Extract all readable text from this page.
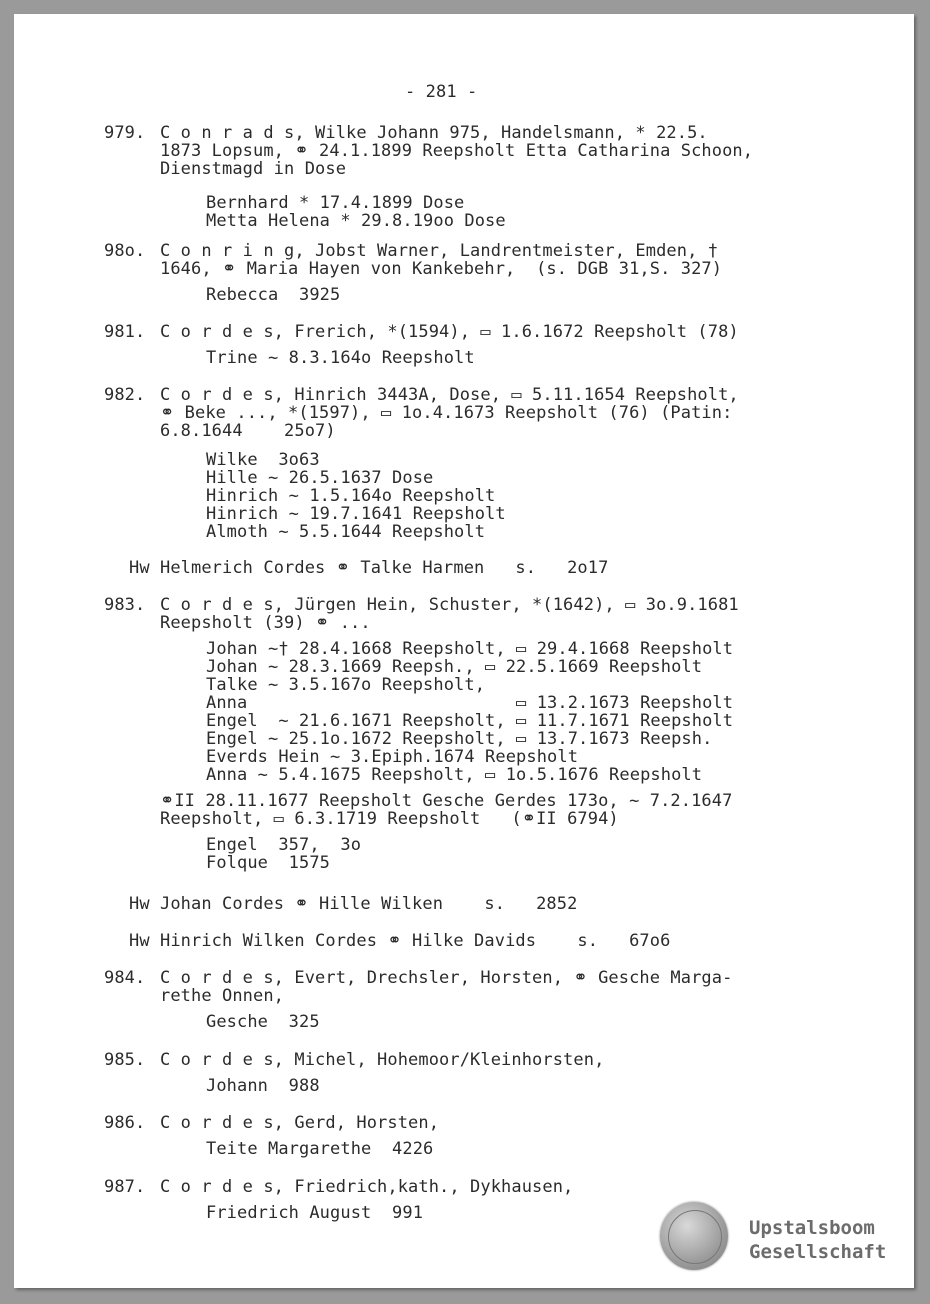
- 281 -
979. C o n r a d s, Wilke Johann 975, Handelsmann, * 22.5.
1873 Lopsum, ⚭ 24.1.1899 Reepsholt Etta Catharina Schoon,
Dienstmagd in Dose
Bernhard * 17.4.1899 Dose
Metta Helena * 29.8.19oo Dose
98o. C o n r i n g, Jobst Warner, Landrentmeister, Emden, †
1646, ⚭ Maria Hayen von Kankebehr,  (s. DGB 31,S. 327)
Rebecca  3925
981. C o r d e s, Frerich, *(1594), ▭ 1.6.1672 Reepsholt (78)
Trine ~ 8.3.164o Reepsholt
982. C o r d e s, Hinrich 3443A, Dose, ▭ 5.11.1654 Reepsholt,
⚭ Beke ..., *(1597), ▭ 1o.4.1673 Reepsholt (76) (Patin:
6.8.1644    25o7)
Wilke  3o63
Hille ~ 26.5.1637 Dose
Hinrich ~ 1.5.164o Reepsholt
Hinrich ~ 19.7.1641 Reepsholt
Almoth ~ 5.5.1644 Reepsholt
Hw Helmerich Cordes ⚭ Talke Harmen   s.   2o17
983. C o r d e s, Jürgen Hein, Schuster, *(1642), ▭ 3o.9.1681
Reepsholt (39) ⚭ ...
Johan ~† 28.4.1668 Reepsholt, ▭ 29.4.1668 Reepsholt
Johan ~ 28.3.1669 Reepsh., ▭ 22.5.1669 Reepsholt
Talke ~ 3.5.167o Reepsholt,
Anna                          ▭ 13.2.1673 Reepsholt
Engel  ~ 21.6.1671 Reepsholt, ▭ 11.7.1671 Reepsholt
Engel ~ 25.1o.1672 Reepsholt, ▭ 13.7.1673 Reepsh.
Everds Hein ~ 3.Epiph.1674 Reepsholt
Anna ~ 5.4.1675 Reepsholt, ▭ 1o.5.1676 Reepsholt
⚭II 28.11.1677 Reepsholt Gesche Gerdes 173o, ~ 7.2.1647
Reepsholt, ▭ 6.3.1719 Reepsholt   (⚭II 6794)
Engel  357,  3o
Folque  1575
Hw Johan Cordes ⚭ Hille Wilken    s.   2852
Hw Hinrich Wilken Cordes ⚭ Hilke Davids    s.   67o6
984. C o r d e s, Evert, Drechsler, Horsten, ⚭ Gesche Marga-
rethe Onnen,
Gesche  325
985. C o r d e s, Michel, Hohemoor/Kleinhorsten,
Johann  988
986. C o r d e s, Gerd, Horsten,
Teite Margarethe  4226
987. C o r d e s, Friedrich,kath., Dykhausen,
Friedrich August  991
Upstalsboom
Gesellschaft
